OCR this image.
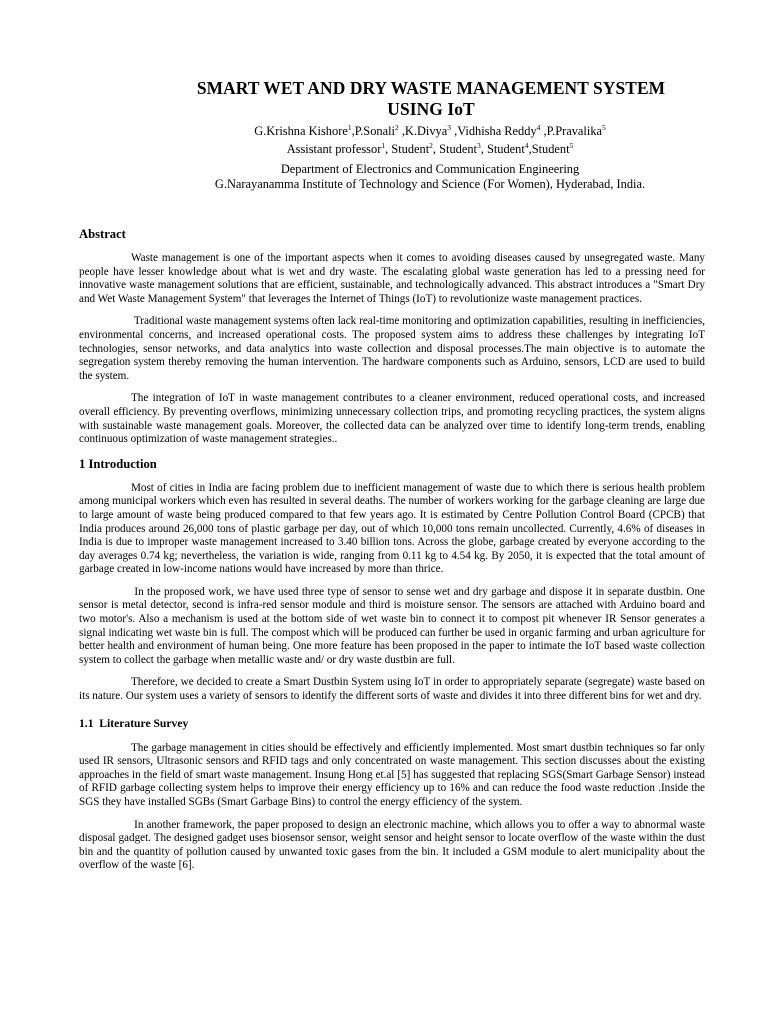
SMART WET AND DRY WASTE MANAGEMENT SYSTEM
USING IoT
G.Krishna Kishore$^1$,P.Sonali$^2$ ,K.Divya$^3$ ,Vidhisha Reddy$^4$ ,P.Pravalika$^5$
Assistant professor$^1$, Student$^2$, Student$^3$, Student$^4$,Student$^5$
Department of Electronics and Communication Engineering
G.Narayanamma Institute of Technology and Science (For Women), Hyderabad, India.
Abstract

Waste management is one of the important aspects when it comes to avoiding diseases caused by unsegregated waste. Many people have lesser knowledge about what is wet and dry waste. The escalating global waste generation has led to a pressing need for innovative waste management solutions that are efficient, sustainable, and technologically advanced. This abstract introduces a "Smart Dry and Wet Waste Management System" that leverages the Internet of Things (IoT) to revolutionize waste management practices.

Traditional waste management systems often lack real-time monitoring and optimization capabilities, resulting in inefficiencies, environmental concerns, and increased operational costs. The proposed system aims to address these challenges by integrating IoT technologies, sensor networks, and data analytics into waste collection and disposal processes.The main objective is to automate the segregation system thereby removing the human intervention. The hardware components such as Arduino, sensors, LCD are used to build the system.

The integration of IoT in waste management contributes to a cleaner environment, reduced operational costs, and increased overall efficiency. By preventing overflows, minimizing unnecessary collection trips, and promoting recycling practices, the system aligns with sustainable waste management goals. Moreover, the collected data can be analyzed over time to identify long-term trends, enabling continuous optimization of waste management strategies..

1 Introduction

Most of cities in India are facing problem due to inefficient management of waste due to which there is serious health problem among municipal workers which even has resulted in several deaths. The number of workers working for the garbage cleaning are large due to large amount of waste being produced compared to that few years ago. It is estimated by Centre Pollution Control Board (CPCB) that India produces around 26,000 tons of plastic garbage per day, out of which 10,000 tons remain uncollected. Currently, 4.6% of diseases in India is due to improper waste management increased to 3.40 billion tons. Across the globe, garbage created by everyone according to the day averages 0.74 kg; nevertheless, the variation is wide, ranging from 0.11 kg to 4.54 kg. By 2050, it is expected that the total amount of garbage created in low-income nations would have increased by more than thrice.

In the proposed work, we have used three type of sensor to sense wet and dry garbage and dispose it in separate dustbin. One sensor is metal detector, second is infra-red sensor module and third is moisture sensor. The sensors are attached with Arduino board and two motor's. Also a mechanism is used at the bottom side of wet waste bin to connect it to compost pit whenever IR Sensor generates a signal indicating wet waste bin is full. The compost which will be produced can further be used in organic farming and urban agriculture for better health and environment of human being. One more feature has been proposed in the paper to intimate the IoT based waste collection system to collect the garbage when metallic waste and/ or dry waste dustbin are full.

Therefore, we decided to create a Smart Dustbin System using IoT in order to appropriately separate (segregate) waste based on its nature. Our system uses a variety of sensors to identify the different sorts of waste and divides it into three different bins for wet and dry.

1.1  Literature Survey

The garbage management in cities should be effectively and efficiently implemented. Most smart dustbin techniques so far only used IR sensors, Ultrasonic sensors and RFID tags and only concentrated on waste management. This section discusses about the existing approaches in the field of smart waste management. Insung Hong et.al [5] has suggested that replacing SGS(Smart Garbage Sensor) instead of RFID garbage collecting system helps to improve their energy efficiency up to 16% and can reduce the food waste reduction .Inside the SGS they have installed SGBs (Smart Garbage Bins) to control the energy efficiency of the system.

In another framework, the paper proposed to design an electronic machine, which allows you to offer a way to abnormal waste disposal gadget. The designed gadget uses biosensor sensor, weight sensor and height sensor to locate overflow of the waste within the dust bin and the quantity of pollution caused by unwanted toxic gases from the bin. It included a GSM module to alert municipality about the overflow of the waste [6].
